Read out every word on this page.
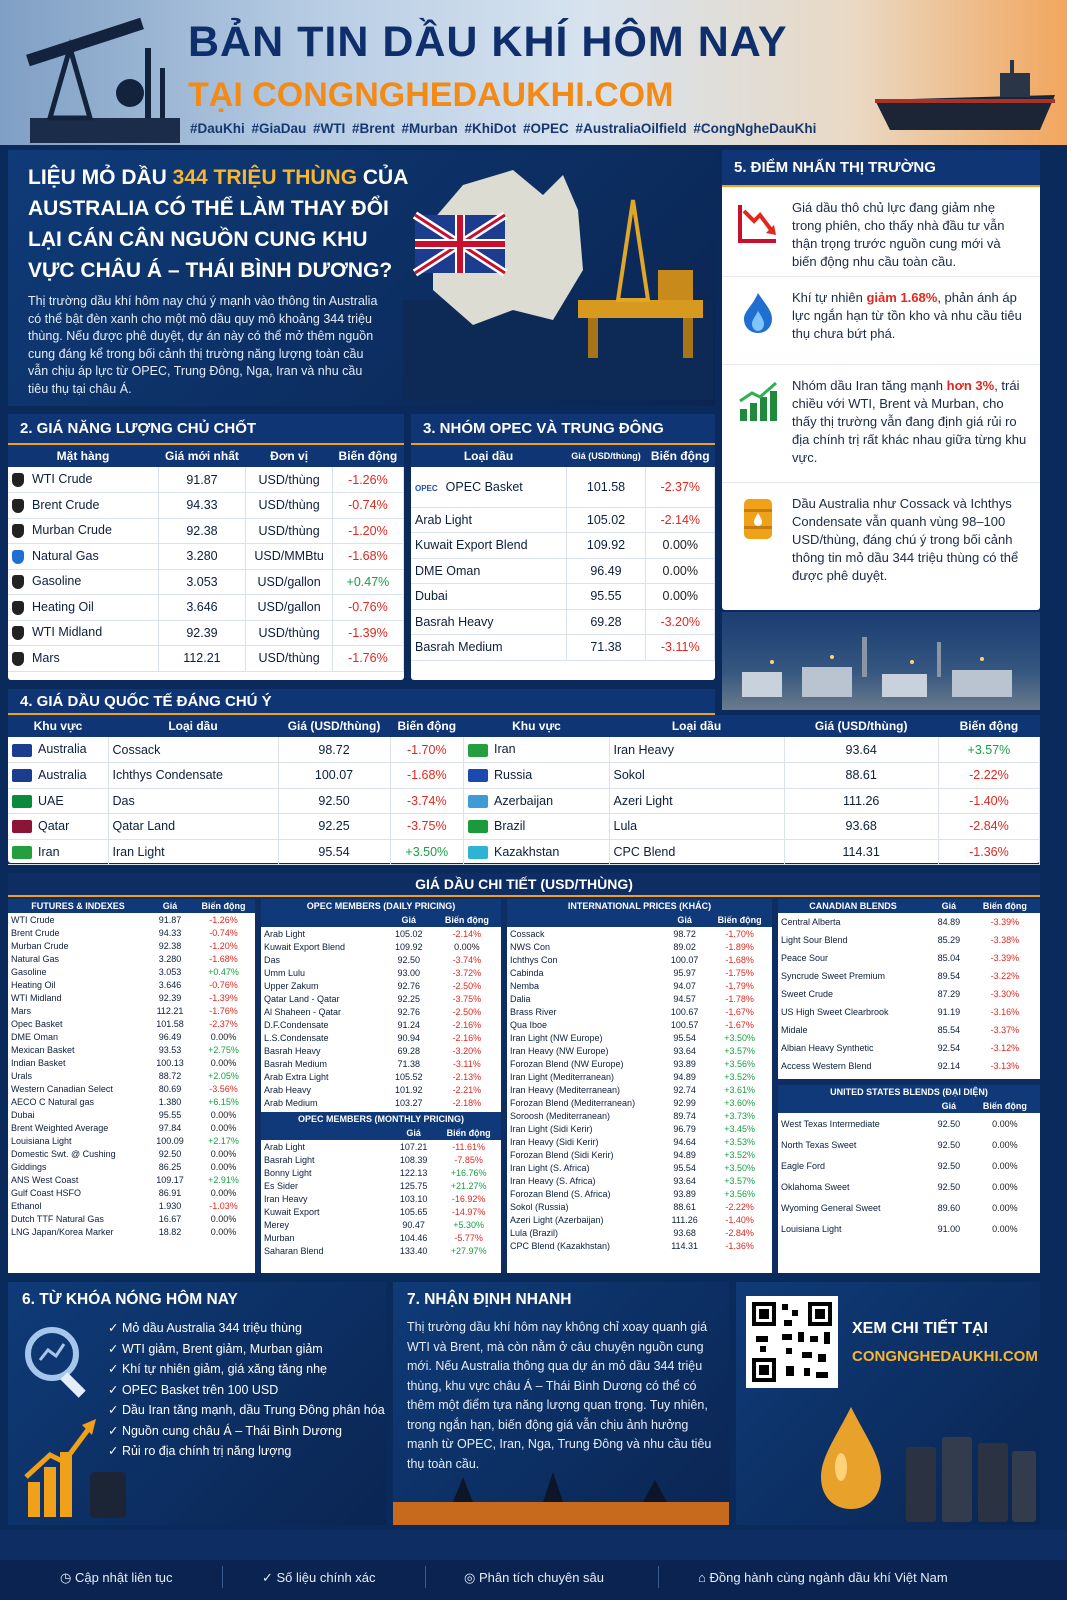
BẢN TIN DẦU KHÍ HÔM NAY
TẠI CONGNGHEDAUKHI.COM
#DauKhi #GiaDau #WTI #Brent #Murban #KhiDot #OPEC #AustraliaOilfield #CongNgheDauKhi
LIỆU MỎ DẦU 344 TRIỆU THÙNG CỦA AUSTRALIA CÓ THỂ LÀM THAY ĐỔI LẠI CÁN CÂN NGUỒN CUNG KHU VỰC CHÂU Á – THÁI BÌNH DƯƠNG?
Thị trường dầu khí hôm nay chú ý mạnh vào thông tin Australia có thể bật đèn xanh cho một mỏ dầu quy mô khoảng 344 triệu thùng. Nếu được phê duyệt, dự án này có thể mở thêm nguồn cung đáng kể trong bối cảnh thị trường năng lượng toàn cầu vẫn chịu áp lực từ OPEC, Trung Đông, Nga, Iran và nhu cầu tiêu thụ tại châu Á.
2. GIÁ NĂNG LƯỢNG CHỦ CHỐT
Mặt hàng	Giá mới nhất	Đơn vị	Biến động
WTI Crude	91.87	USD/thùng	-1.26%
Brent Crude	94.33	USD/thùng	-0.74%
Murban Crude	92.38	USD/thùng	-1.20%
Natural Gas	3.280	USD/MMBtu	-1.68%
Gasoline	3.053	USD/gallon	+0.47%
Heating Oil	3.646	USD/gallon	-0.76%
WTI Midland	92.39	USD/thùng	-1.39%
Mars	112.21	USD/thùng	-1.76%
3. NHÓM OPEC VÀ TRUNG ĐÔNG
Loại dầu	Giá (USD/thùng)	Biến động
OPEC OPEC Basket	101.58	-2.37%
Arab Light	105.02	-2.14%
Kuwait Export Blend	109.92	0.00%
DME Oman	96.49	0.00%
Dubai	95.55	0.00%
Basrah Heavy	69.28	-3.20%
Basrah Medium	71.38	-3.11%
5. ĐIỂM NHẤN THỊ TRƯỜNG
Giá dầu thô chủ lực đang giảm nhẹ trong phiên, cho thấy nhà đầu tư vẫn thận trọng trước nguồn cung mới và biến động nhu cầu toàn cầu.
Khí tự nhiên giảm 1.68%, phản ánh áp lực ngắn hạn từ tồn kho và nhu cầu tiêu thụ chưa bứt phá.
Nhóm dầu Iran tăng mạnh hơn 3%, trái chiều với WTI, Brent và Murban, cho thấy thị trường vẫn đang định giá rủi ro địa chính trị rất khác nhau giữa từng khu vực.
Dầu Australia như Cossack và Ichthys Condensate vẫn quanh vùng 98–100 USD/thùng, đáng chú ý trong bối cảnh thông tin mỏ dầu 344 triệu thùng có thể được phê duyệt.
4. GIÁ DẦU QUỐC TẾ ĐÁNG CHÚ Ý
Khu vực	Loại dầu	Giá (USD/thùng)	Biến động
Australia	Cossack	98.72	-1.70%
Australia	Ichthys Condensate	100.07	-1.68%
UAE	Das	92.50	-3.74%
Qatar	Qatar Land	92.25	-3.75%
Iran	Iran Light	95.54	+3.50%
Khu vực	Loại dầu	Giá (USD/thùng)	Biến động
Iran	Iran Heavy	93.64	+3.57%
Russia	Sokol	88.61	-2.22%
Azerbaijan	Azeri Light	111.26	-1.40%
Brazil	Lula	93.68	-2.84%
Kazakhstan	CPC Blend	114.31	-1.36%
GIÁ DẦU CHI TIẾT (USD/THÙNG)
FUTURES & INDEXES	Giá	Biến động
WTI Crude	91.87	-1.26%
Brent Crude	94.33	-0.74%
Murban Crude	92.38	-1.20%
Natural Gas	3.280	-1.68%
Gasoline	3.053	+0.47%
Heating Oil	3.646	-0.76%
WTI Midland	92.39	-1.39%
Mars	112.21	-1.76%
Opec Basket	101.58	-2.37%
DME Oman	96.49	0.00%
Mexican Basket	93.53	+2.75%
Indian Basket	100.13	0.00%
Urals	88.72	+2.05%
Western Canadian Select	80.69	-3.56%
AECO C Natural gas	1.380	+6.15%
Dubai	95.55	0.00%
Brent Weighted Average	97.84	0.00%
Louisiana Light	100.09	+2.17%
Domestic Swt. @ Cushing	92.50	0.00%
Giddings	86.25	0.00%
ANS West Coast	109.17	+2.91%
Gulf Coast HSFO	86.91	0.00%
Ethanol	1.930	-1.03%
Dutch TTF Natural Gas	16.67	0.00%
LNG Japan/Korea Marker	18.82	0.00%
OPEC MEMBERS (DAILY PRICING)		
	Giá	Biến động
Arab Light	105.02	-2.14%
Kuwait Export Blend	109.92	0.00%
Das	92.50	-3.74%
Umm Lulu	93.00	-3.72%
Upper Zakum	92.76	-2.50%
Qatar Land - Qatar	92.25	-3.75%
Al Shaheen - Qatar	92.76	-2.50%
D.F.Condensate	91.24	-2.16%
L.S.Condensate	90.94	-2.16%
Basrah Heavy	69.28	-3.20%
Basrah Medium	71.38	-3.11%
Arab Extra Light	105.52	-2.13%
Arab Heavy	101.92	-2.21%
Arab Medium	103.27	-2.18%
OPEC MEMBERS (MONTHLY PRICING)		
	Giá	Biến động
Arab Light	107.21	-11.61%
Basrah Light	108.39	-7.85%
Bonny Light	122.13	+16.76%
Es Sider	125.75	+21.27%
Iran Heavy	103.10	-16.92%
Kuwait Export	105.65	-14.97%
Merey	90.47	+5.30%
Murban	104.46	-5.77%
Saharan Blend	133.40	+27.97%
INTERNATIONAL PRICES (KHÁC)		
	Giá	Biến động
Cossack	98.72	-1.70%
NWS Con	89.02	-1.89%
Ichthys Con	100.07	-1.68%
Cabinda	95.97	-1.75%
Nemba	94.07	-1.79%
Dalia	94.57	-1.78%
Brass River	100.67	-1.67%
Qua Iboe	100.57	-1.67%
Iran Light (NW Europe)	95.54	+3.50%
Iran Heavy (NW Europe)	93.64	+3.57%
Forozan Blend (NW Europe)	93.89	+3.56%
Iran Light (Mediterranean)	94.89	+3.52%
Iran Heavy (Mediterranean)	92.74	+3.61%
Forozan Blend (Mediterranean)	92.99	+3.60%
Soroosh (Mediterranean)	89.74	+3.73%
Iran Light (Sidi Kerir)	96.79	+3.45%
Iran Heavy (Sidi Kerir)	94.64	+3.53%
Forozan Blend (Sidi Kerir)	94.89	+3.52%
Iran Light (S. Africa)	95.54	+3.50%
Iran Heavy (S. Africa)	93.64	+3.57%
Forozan Blend (S. Africa)	93.89	+3.56%
Sokol (Russia)	88.61	-2.22%
Azeri Light (Azerbaijan)	111.26	-1.40%
Lula (Brazil)	93.68	-2.84%
CPC Blend (Kazakhstan)	114.31	-1.36%
CANADIAN BLENDS	Giá	Biến động
Central Alberta	84.89	-3.39%
Light Sour Blend	85.29	-3.38%
Peace Sour	85.04	-3.39%
Syncrude Sweet Premium	89.54	-3.22%
Sweet Crude	87.29	-3.30%
US High Sweet Clearbrook	91.19	-3.16%
Midale	85.54	-3.37%
Albian Heavy Synthetic	92.54	-3.12%
Access Western Blend	92.14	-3.13%
UNITED STATES BLENDS (ĐẠI DIỆN)		
	Giá	Biến động
West Texas Intermediate	92.50	0.00%
North Texas Sweet	92.50	0.00%
Eagle Ford	92.50	0.00%
Oklahoma Sweet	92.50	0.00%
Wyoming General Sweet	89.60	0.00%
Louisiana Light	91.00	0.00%
6. TỪ KHÓA NÓNG HÔM NAY
✓ Mỏ dầu Australia 344 triệu thùng
✓ WTI giảm, Brent giảm, Murban giảm
✓ Khí tự nhiên giảm, giá xăng tăng nhẹ
✓ OPEC Basket trên 100 USD
✓ Dầu Iran tăng mạnh, dầu Trung Đông phân hóa
✓ Nguồn cung châu Á – Thái Bình Dương
✓ Rủi ro địa chính trị năng lượng
7. NHẬN ĐỊNH NHANH
Thị trường dầu khí hôm nay không chỉ xoay quanh giá WTI và Brent, mà còn nằm ở câu chuyện nguồn cung mới. Nếu Australia thông qua dự án mỏ dầu 344 triệu thùng, khu vực châu Á – Thái Bình Dương có thể có thêm một điểm tựa năng lượng quan trọng. Tuy nhiên, trong ngắn hạn, biến động giá vẫn chịu ảnh hưởng mạnh từ OPEC, Iran, Nga, Trung Đông và nhu cầu tiêu thụ toàn cầu.
XEM CHI TIẾT TẠI
CONGNGHEDAUKHI.COM
◷ Cập nhật liên tục	✓ Số liệu chính xác	◎ Phân tích chuyên sâu	⌂ Đồng hành cùng ngành dầu khí Việt Nam
